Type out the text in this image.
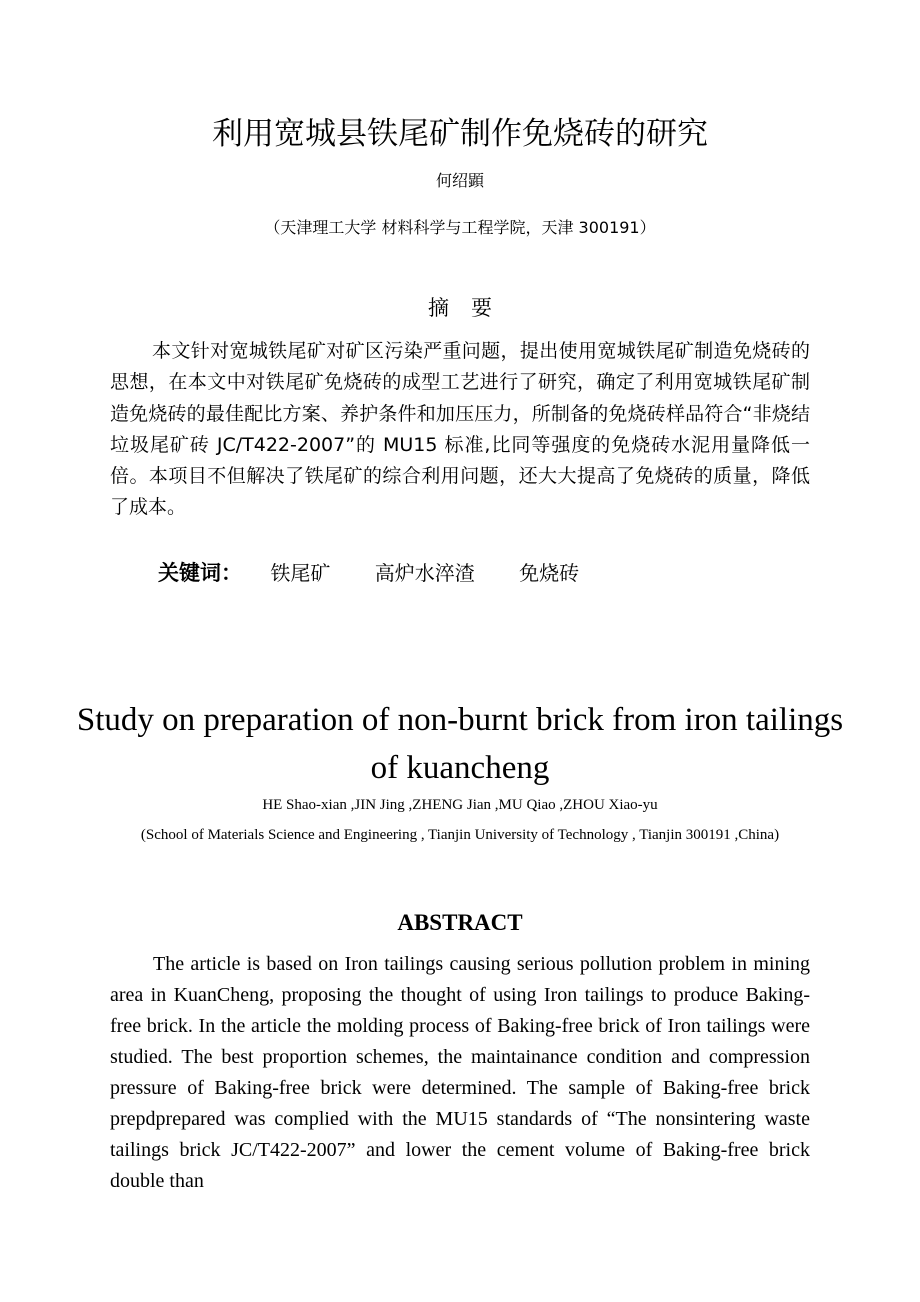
利用宽城县铁尾矿制作免烧砖的研究
何绍顕
（天津理工大学 材料科学与工程学院，天津 300191）
摘要

本文针对宽城铁尾矿对矿区污染严重问题，提出使用宽城铁尾矿制造免烧砖的思想，在本文中对铁尾矿免烧砖的成型工艺进行了研究，确定了利用宽城铁尾矿制造免烧砖的最佳配比方案、养护条件和加压压力，所制备的免烧砖样品符合“非烧结垃圾尾矿砖 JC/T422-2007”的 MU15 标准,比同等强度的免烧砖水泥用量降低一倍。本项目不但解决了铁尾矿的综合利用问题，还大大提高了免烧砖的质量，降低了成本。

关键词： 铁尾矿 高炉水淬渣 免烧砖
Study on preparation of non-burnt brick from iron tailings of kuancheng
HE Shao-xian ,JIN Jing ,ZHENG Jian ,MU Qiao ,ZHOU Xiao-yu
(School of Materials Science and Engineering , Tianjin University of Technology , Tianjin 300191 ,China)
ABSTRACT

The article is based on Iron tailings causing serious pollution problem in mining area in KuanCheng, proposing the thought of using Iron tailings to produce Baking-free brick. In the article the molding process of Baking-free brick of Iron tailings were studied. The best proportion schemes, the maintainance condition and compression pressure of Baking-free brick were determined. The sample of Baking-free brick prepdprepared was complied with the MU15 standards of “The nonsintering waste tailings brick JC/T422-2007” and lower the cement volume of Baking-free brick double than
